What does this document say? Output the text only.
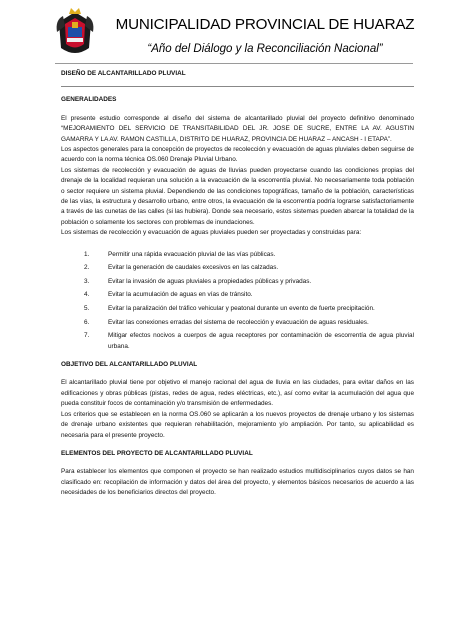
MUNICIPALIDAD PROVINCIAL DE HUARAZ
“Año del Diálogo y la Reconciliación Nacional”
DISEÑO DE ALCANTARILLADO PLUVIAL
GENERALIDADES

El presente estudio corresponde al diseño del sistema de alcantarillado pluvial del proyecto definitivo denominado “MEJORAMIENTO DEL SERVICIO DE TRANSITABILIDAD DEL JR. JOSE DE SUCRE, ENTRE LA AV. AGUSTIN GAMARRA Y LA AV. RAMON CASTILLA, DISTRITO DE HUARAZ, PROVINCIA DE HUARAZ – ANCASH - I ETAPA”.

Los aspectos generales para la concepción de proyectos de recolección y evacuación de aguas pluviales deben seguirse de acuerdo con la norma técnica OS.060 Drenaje Pluvial Urbano.

Los sistemas de recolección y evacuación de aguas de lluvias pueden proyectarse cuando las condiciones propias del drenaje de la localidad requieran una solución a la evacuación de la escorrentía pluvial. No necesariamente toda población o sector requiere un sistema pluvial. Dependiendo de las condiciones topográficas, tamaño de la población, características de las vías, la estructura y desarrollo urbano, entre otros, la evacuación de la escorrentía podría lograrse satisfactoriamente a través de las cunetas de las calles (si las hubiera). Donde sea necesario, estos sistemas pueden abarcar la totalidad de la población o solamente los sectores con problemas de inundaciones.

Los sistemas de recolección y evacuación de aguas pluviales pueden ser proyectadas y construidas para:

1.	Permitir una rápida evacuación pluvial de las vías públicas.
2.	Evitar la generación de caudales excesivos en las calzadas.
3.	Evitar la invasión de aguas pluviales a propiedades públicas y privadas.
4.	Evitar la acumulación de aguas en vías de tránsito.
5.	Evitar la paralización del tráfico vehicular y peatonal durante un evento de fuerte precipitación.
6.	Evitar las conexiones erradas del sistema de recolección y evacuación de aguas residuales.
7.	Mitigar efectos nocivos a cuerpos de agua receptores por contaminación de escorrentía de agua pluvial urbana.
OBJETIVO DEL ALCANTARILLADO PLUVIAL

El alcantarillado pluvial tiene por objetivo el manejo racional del agua de lluvia en las ciudades, para evitar daños en las edificaciones y obras públicas (pistas, redes de agua, redes eléctricas, etc.), así como evitar la acumulación del agua que pueda constituir focos de contaminación y/o transmisión de enfermedades.

Los criterios que se establecen en la norma OS.060 se aplicarán a los nuevos proyectos de drenaje urbano y los sistemas de drenaje urbano existentes que requieran rehabilitación, mejoramiento y/o ampliación. Por tanto, su aplicabilidad es necesaria para el presente proyecto.

ELEMENTOS DEL PROYECTO DE ALCANTARILLADO PLUVIAL

Para establecer los elementos que componen el proyecto se han realizado estudios multidisciplinarios cuyos datos se han clasificado en: recopilación de información y datos del área del proyecto, y elementos básicos necesarios de acuerdo a las necesidades de los beneficiarios directos del proyecto.
